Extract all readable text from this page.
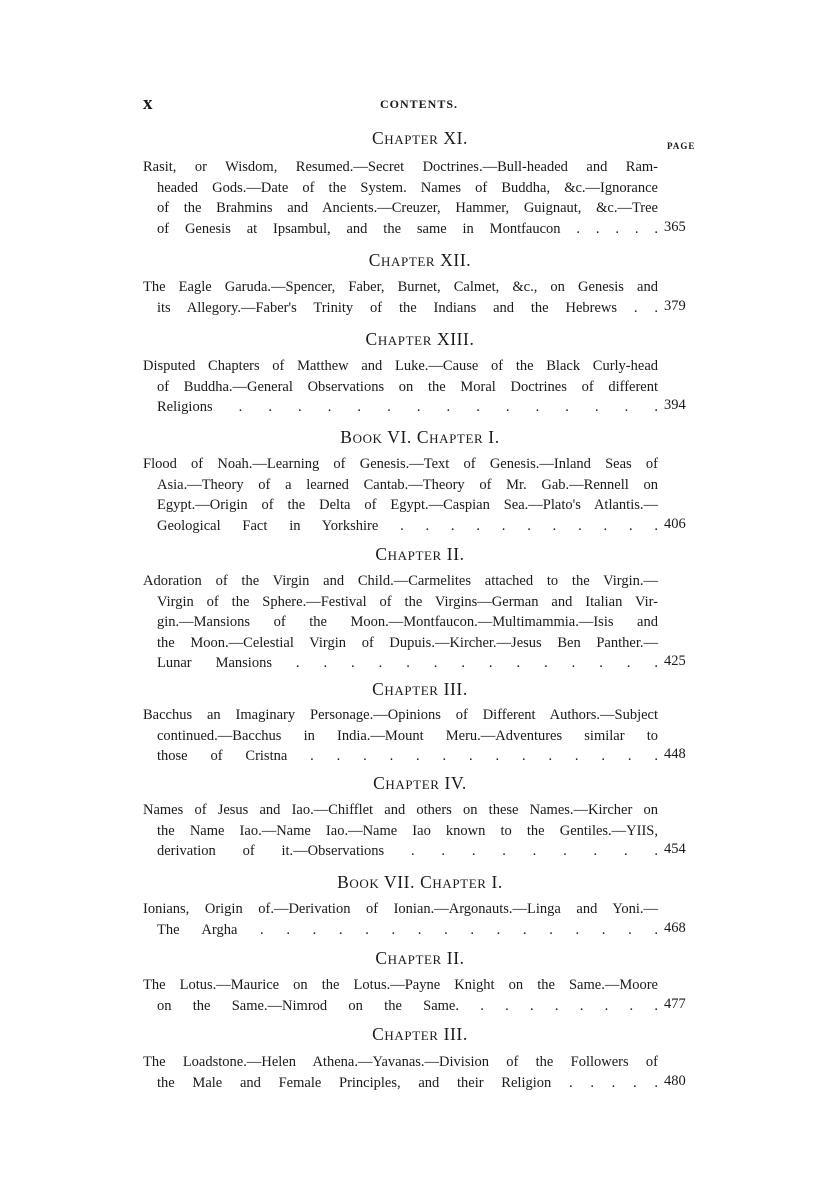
x	CONTENTS.
PAGE
CHAPTER XI.
Rasit, or Wisdom, Resumed.—Secret Doctrines.—Bull-headed and Ram-
headed Gods.—Date of the System. Names of Buddha, &c.—Ignorance
of the Brahmins and Ancients.—Creuzer, Hammer, Guignaut, &c.—Tree
of Genesis at Ipsambul, and the same in Montfaucon . . . . . 365
CHAPTER XII.
The Eagle Garuda.—Spencer, Faber, Burnet, Calmet, &c., on Genesis and
its Allegory.—Faber's Trinity of the Indians and the Hebrews . . 379
CHAPTER XIII.
Disputed Chapters of Matthew and Luke.—Cause of the Black Curly-head
of Buddha.—General Observations on the Moral Doctrines of different
Religions . . . . . . . . . . . . . . . 394
BOOK VI. CHAPTER I.
Flood of Noah.—Learning of Genesis.—Text of Genesis.—Inland Seas of
Asia.—Theory of a learned Cantab.—Theory of Mr. Gab.—Rennell on
Egypt.—Origin of the Delta of Egypt.—Caspian Sea.—Plato's Atlantis.—
Geological Fact in Yorkshire . . . . . . . . . . . 406
CHAPTER II.
Adoration of the Virgin and Child.—Carmelites attached to the Virgin.—
Virgin of the Sphere.—Festival of the Virgins—German and Italian Vir-
gin.—Mansions of the Moon.—Montfaucon.—Multimammia.—Isis and
the Moon.—Celestial Virgin of Dupuis.—Kircher.—Jesus Ben Panther.—
Lunar Mansions . . . . . . . . . . . . . . 425
CHAPTER III.
Bacchus an Imaginary Personage.—Opinions of Different Authors.—Subject
continued.—Bacchus in India.—Mount Meru.—Adventures similar to
those of Cristna . . . . . . . . . . . . . . 448
CHAPTER IV.
Names of Jesus and Iao.—Chifflet and others on these Names.—Kircher on
the Name Iao.—Name Iao.—Name Iao known to the Gentiles.—YIIS,
derivation of it.—Observations . . . . . . . . . 454
BOOK VII. CHAPTER I.
Ionians, Origin of.—Derivation of Ionian.—Argonauts.—Linga and Yoni.—
The Argha . . . . . . . . . . . . . . . . 468
CHAPTER II.
The Lotus.—Maurice on the Lotus.—Payne Knight on the Same.—Moore
on the Same.—Nimrod on the Same. . . . . . . . . 477
CHAPTER III.
The Loadstone.—Helen Athena.—Yavanas.—Division of the Followers of
the Male and Female Principles, and their Religion . . . . . 480
